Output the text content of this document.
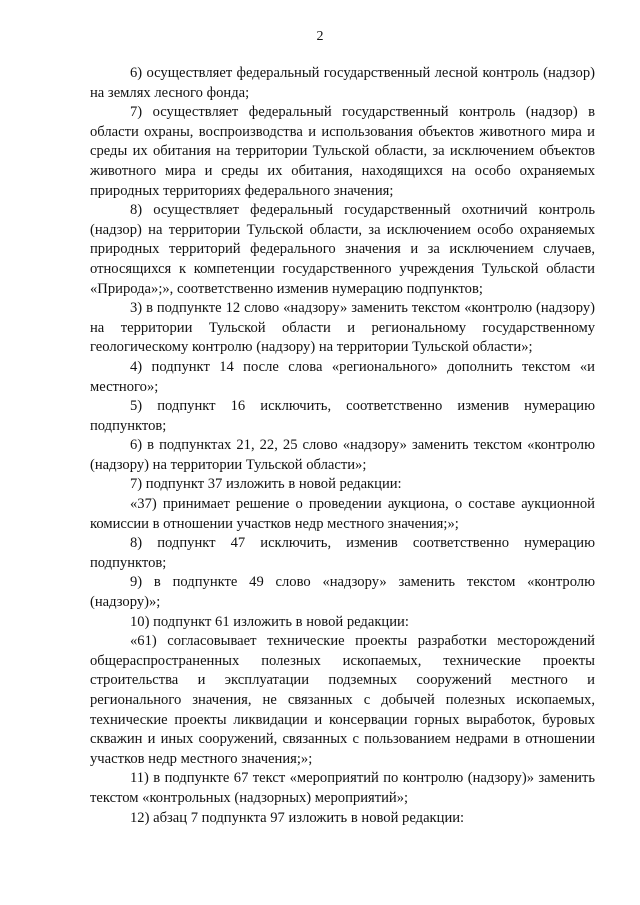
2

6) осуществляет федеральный государственный лесной контроль (надзор) на землях лесного фонда;

7) осуществляет федеральный государственный контроль (надзор) в области охраны, воспроизводства и использования объектов животного мира и среды их обитания на территории Тульской области, за исключением объектов животного мира и среды их обитания, находящихся на особо охраняемых природных территориях федерального значения;

8) осуществляет федеральный государственный охотничий контроль (надзор) на территории Тульской области, за исключением особо охраняемых природных территорий федерального значения и за исключением случаев, относящихся к компетенции государственного учреждения Тульской области «Природа»;», соответственно изменив нумерацию подпунктов;

3) в подпункте 12 слово «надзору» заменить текстом «контролю (надзору) на территории Тульской области и региональному государственному геологическому контролю (надзору) на территории Тульской области»;

4) подпункт 14 после слова «регионального» дополнить текстом «и местного»;

5) подпункт 16 исключить, соответственно изменив нумерацию подпунктов;

6) в подпунктах 21, 22, 25 слово «надзору» заменить текстом «контролю (надзору) на территории Тульской области»;

7) подпункт 37 изложить в новой редакции:

«37) принимает решение о проведении аукциона, о составе аукционной комиссии в отношении участков недр местного значения;»;

8) подпункт 47 исключить, изменив соответственно нумерацию подпунктов;

9) в подпункте 49 слово «надзору» заменить текстом «контролю (надзору)»;

10) подпункт 61 изложить в новой редакции:

«61) согласовывает технические проекты разработки месторождений общераспространенных полезных ископаемых, технические проекты строительства и эксплуатации подземных сооружений местного и регионального значения, не связанных с добычей полезных ископаемых, технические проекты ликвидации и консервации горных выработок, буровых скважин и иных сооружений, связанных с пользованием недрами в отношении участков недр местного значения;»;

11) в подпункте 67 текст «мероприятий по контролю (надзору)» заменить текстом «контрольных (надзорных) мероприятий»;

12) абзац 7 подпункта 97 изложить в новой редакции:
